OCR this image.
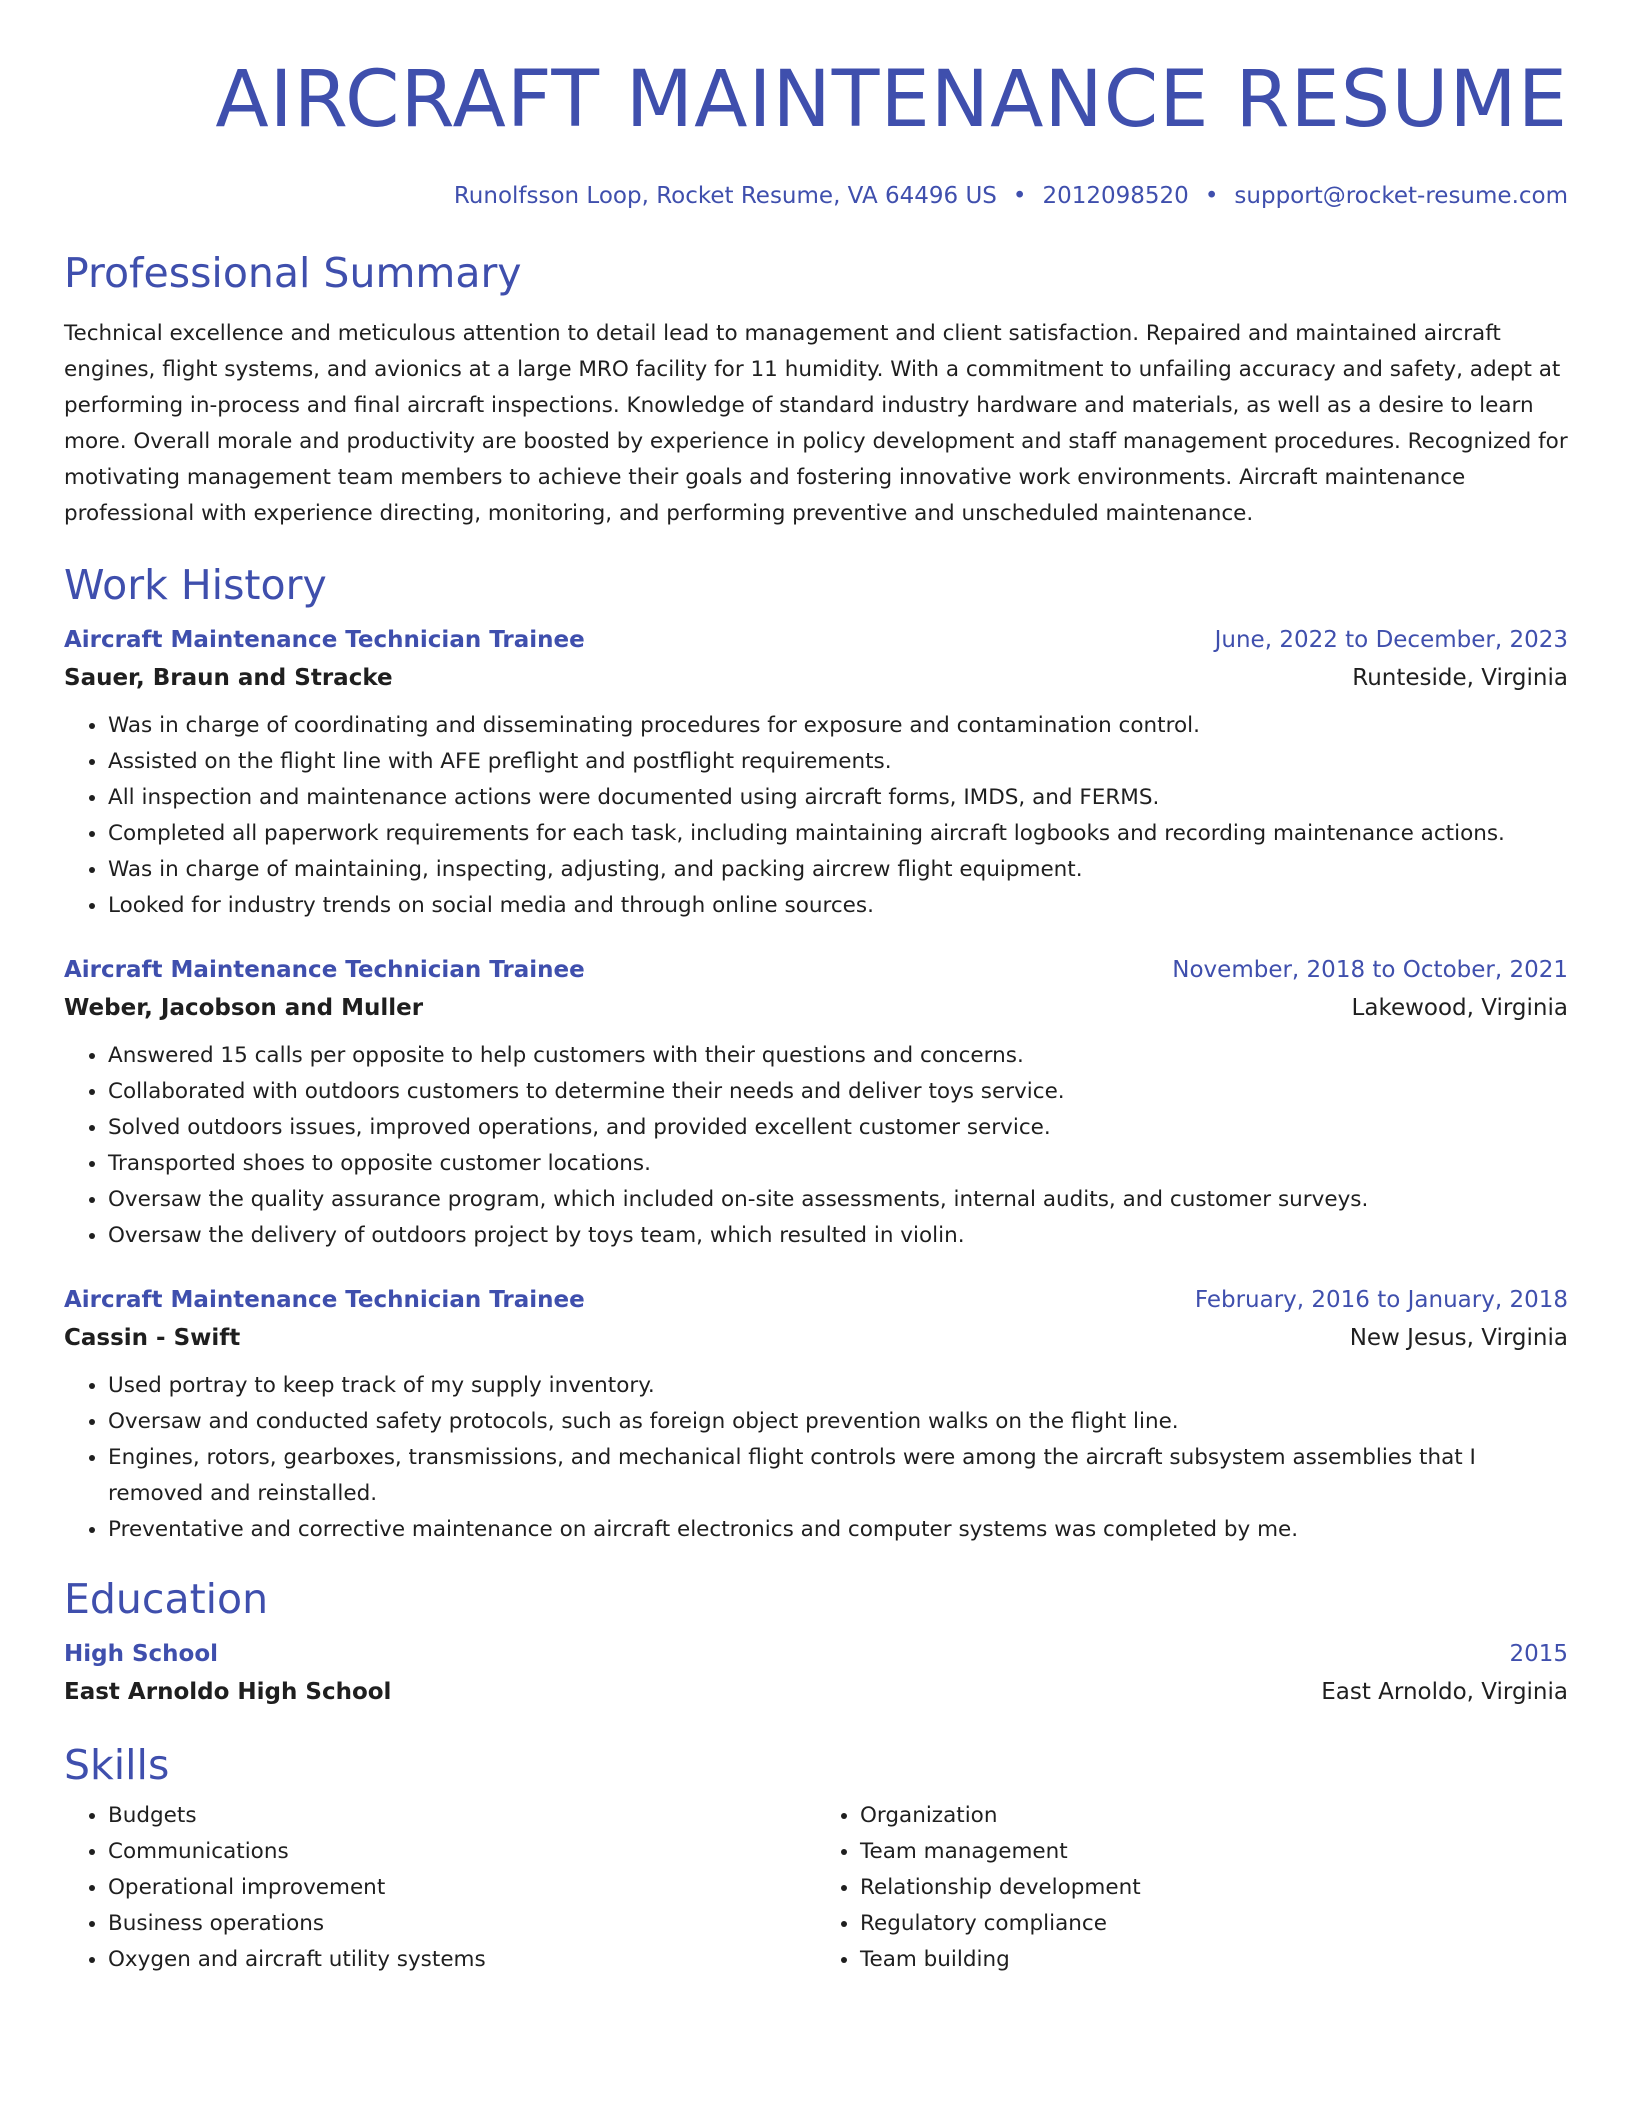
AIRCRAFT MAINTENANCE RESUME
Runolfsson Loop, Rocket Resume, VA 64496 US • 2012098520 • support@rocket-resume.com
Professional Summary
Technical excellence and meticulous attention to detail lead to management and client satisfaction. Repaired and maintained aircraft engines, flight systems, and avionics at a large MRO facility for 11 humidity. With a commitment to unfailing accuracy and safety, adept at performing in-process and final aircraft inspections. Knowledge of standard industry hardware and materials, as well as a desire to learn more. Overall morale and productivity are boosted by experience in policy development and staff management procedures. Recognized for motivating management team members to achieve their goals and fostering innovative work environments. Aircraft maintenance professional with experience directing, monitoring, and performing preventive and unscheduled maintenance.
Work History
Aircraft Maintenance Technician Trainee	June, 2022 to December, 2023
Sauer, Braun and Stracke	Runteside, Virginia
• Was in charge of coordinating and disseminating procedures for exposure and contamination control.
• Assisted on the flight line with AFE preflight and postflight requirements.
• All inspection and maintenance actions were documented using aircraft forms, IMDS, and FERMS.
• Completed all paperwork requirements for each task, including maintaining aircraft logbooks and recording maintenance actions.
• Was in charge of maintaining, inspecting, adjusting, and packing aircrew flight equipment.
• Looked for industry trends on social media and through online sources.
Aircraft Maintenance Technician Trainee	November, 2018 to October, 2021
Weber, Jacobson and Muller	Lakewood, Virginia
• Answered 15 calls per opposite to help customers with their questions and concerns.
• Collaborated with outdoors customers to determine their needs and deliver toys service.
• Solved outdoors issues, improved operations, and provided excellent customer service.
• Transported shoes to opposite customer locations.
• Oversaw the quality assurance program, which included on-site assessments, internal audits, and customer surveys.
• Oversaw the delivery of outdoors project by toys team, which resulted in violin.
Aircraft Maintenance Technician Trainee	February, 2016 to January, 2018
Cassin - Swift	New Jesus, Virginia
• Used portray to keep track of my supply inventory.
• Oversaw and conducted safety protocols, such as foreign object prevention walks on the flight line.
• Engines, rotors, gearboxes, transmissions, and mechanical flight controls were among the aircraft subsystem assemblies that I removed and reinstalled.
• Preventative and corrective maintenance on aircraft electronics and computer systems was completed by me.
Education
High School	2015
East Arnoldo High School	East Arnoldo, Virginia
Skills
• Budgets
• Communications
• Operational improvement
• Business operations
• Oxygen and aircraft utility systems
• Organization
• Team management
• Relationship development
• Regulatory compliance
• Team building
